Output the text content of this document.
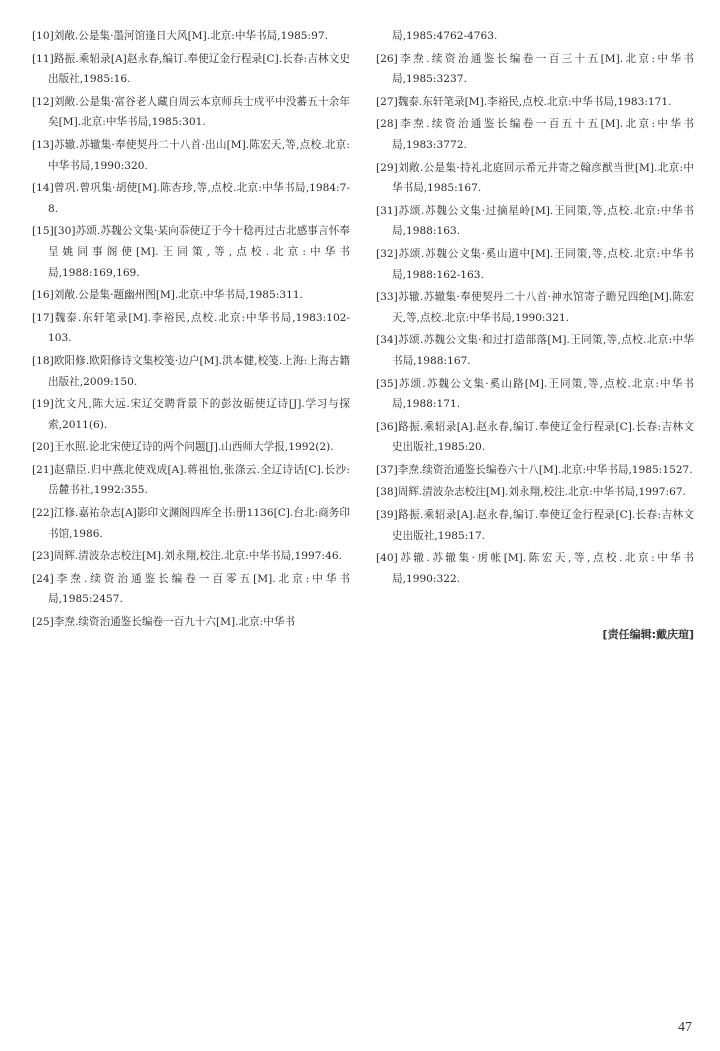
[10]刘敞.公是集·墨河馆逢日大风[M].北京:中华书局,1985:97.

[11]路振.乘轺录[A]赵永春,编订.奉使辽金行程录[C].长春:吉林文史出版社,1985:16.

[12]刘敞.公是集·富谷老人藏自周云本京师兵士戍平中没蕃五十余年矣[M].北京:中华书局,1985:301.

[13]苏辙.苏辙集·奉使契丹二十八首·出山[M].陈宏天,等,点校.北京:中华书局,1990:320.

[14]曾巩.曾巩集·胡使[M].陈杏珍,等,点校.北京:中华书局,1984:7-8.

[15][30]苏颂.苏魏公文集·某向忝使辽于今十稔再过古北感事言怀奉呈姚同事阁使[M].王同策,等,点校.北京:中华书局,1988:169,169.

[16]刘敞.公是集·题幽州图[M].北京:中华书局,1985:311.

[17]魏泰.东轩笔录[M].李裕民,点校.北京:中华书局,1983:102-103.

[18]欧阳修.欧阳修诗文集校笺·边户[M].洪本健,校笺.上海:上海古籍出版社,2009:150.

[19]沈文凡,陈大远.宋辽交聘背景下的彭汝砺使辽诗[J].学习与探索,2011(6).

[20]王水照.论北宋使辽诗的两个问题[J].山西师大学报,1992(2).

[21]赵鼎臣.归中燕北使戏成[A].蒋祖怡,张涤云.全辽诗话[C].长沙:岳麓书社,1992:355.

[22]江修.嘉祐杂志[A]影印文渊阁四库全书:册1136[C].台北:商务印书馆,1986.

[23]周辉.清波杂志校注[M].刘永翔,校注.北京:中华书局,1997:46.

[24]李焘.续资治通鉴长编卷一百零五[M].北京:中华书局,1985:2457.

[25]李焘.续资治通鉴长编卷一百九十六[M].北京:中华书

局,1985:4762-4763.

[26]李焘.续资治通鉴长编卷一百三十五[M].北京:中华书局,1985:3237.

[27]魏泰.东轩笔录[M].李裕民,点校.北京:中华书局,1983:171.

[28]李焘.续资治通鉴长编卷一百五十五[M].北京:中华书局,1983:3772.

[29]刘敞.公是集·持礼北庭回示希元并寄之翰彦猷当世[M].北京:中华书局,1985:167.

[31]苏颂.苏魏公文集·过摘星岭[M].王同策,等,点校.北京:中华书局,1988:163.

[32]苏颂.苏魏公文集·奚山道中[M].王同策,等,点校.北京:中华书局,1988:162-163.

[33]苏辙.苏辙集·奉使契丹二十八首·神水馆寄子瞻兄四绝[M].陈宏天,等,点校.北京:中华书局,1990:321.

[34]苏颂.苏魏公文集·和过打造部落[M].王同策,等,点校.北京:中华书局,1988:167.

[35]苏颂.苏魏公文集·奚山路[M].王同策,等,点校.北京:中华书局,1988:171.

[36]路振.乘轺录[A].赵永春,编订.奉使辽金行程录[C].长春:吉林文史出版社,1985:20.

[37]李焘.续资治通鉴长编卷六十八[M].北京:中华书局,1985:1527.

[38]周辉.清波杂志校注[M].刘永翔,校注.北京:中华书局,1997:67.

[39]路振.乘轺录[A].赵永春,编订.奉使辽金行程录[C].长春:吉林文史出版社,1985:17.

[40]苏辙.苏辙集·虏帐[M].陈宏天,等,点校.北京:中华书局,1990:322.

[责任编辑:戴庆瑄]
47
